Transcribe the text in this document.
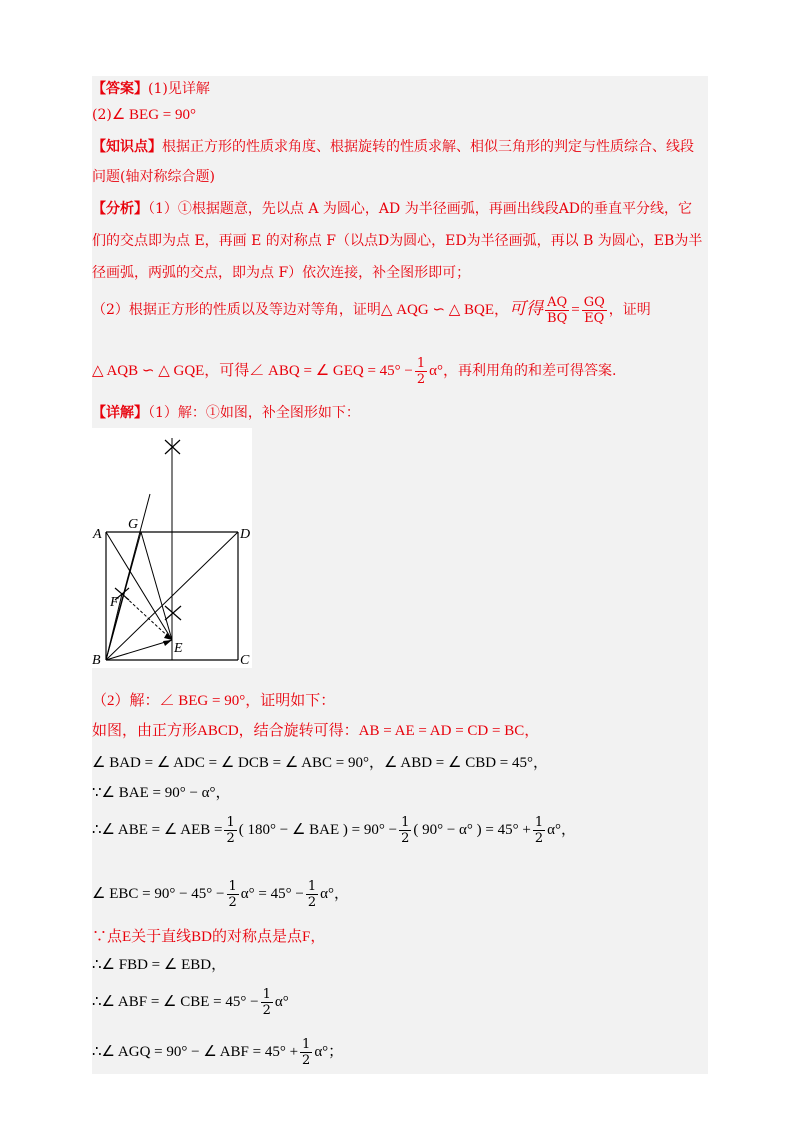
【答案】(1)见详解
(2)∠ BEG = 90°
【知识点】根据正方形的性质求角度、根据旋转的性质求解、相似三角形的判定与性质综合、线段
问题(轴对称综合题)
【分析】（1）①根据题意，先以点 A 为圆心，AD 为半径画弧，再画出线段AD的垂直平分线，它
们的交点即为点 E，再画 E 的对称点 F（以点D为圆心，ED为半径画弧，再以 B 为圆心，EB为半
径画弧，两弧的交点，即为点 F）依次连接，补全图形即可；
（2）根据正方形的性质以及等边对等角，证明△ AQG ∽ △ BQE，可得 $\frac{AQ}{BQ} = \frac{GQ}{EQ}$ ，证明
△ AQB ∽ △ GQE，可得∠ ABQ = ∠ GEQ = $45^\circ - \frac{1}{2} \alpha^\circ$，再利用角的和差可得答案.
【详解】（1）解：①如图，补全图形如下：
A
G
D
F
E
B	C
（2）解：∠ BEG = 90°，证明如下：
如图，由正方形ABCD，结合旋转可得：AB = AE = AD = CD = BC，
∠ BAD = ∠ ADC = ∠ DCB = ∠ ABC = 90°，∠ ABD = ∠ CBD = 45°，
∵∠ BAE = 90° − α°，
∴∠ ABE = ∠ AEB = $\frac{1}{2}$ ( 180° − ∠ BAE ) = $90^\circ - \frac{1}{2}$ ( 90° − α° ) = $45^\circ + \frac{1}{2} \alpha^\circ$，
∠ EBC = $90^\circ - 45^\circ - \frac{1}{2} \alpha^\circ = 45^\circ - \frac{1}{2} \alpha^\circ$，
∵点E关于直线BD的对称点是点F，
∴∠ FBD = ∠ EBD，
∴∠ ABF = ∠ CBE = $45^\circ - \frac{1}{2} \alpha^\circ$
∴∠ AGQ = 90° − ∠ ABF = $45^\circ + \frac{1}{2} \alpha^\circ$；
